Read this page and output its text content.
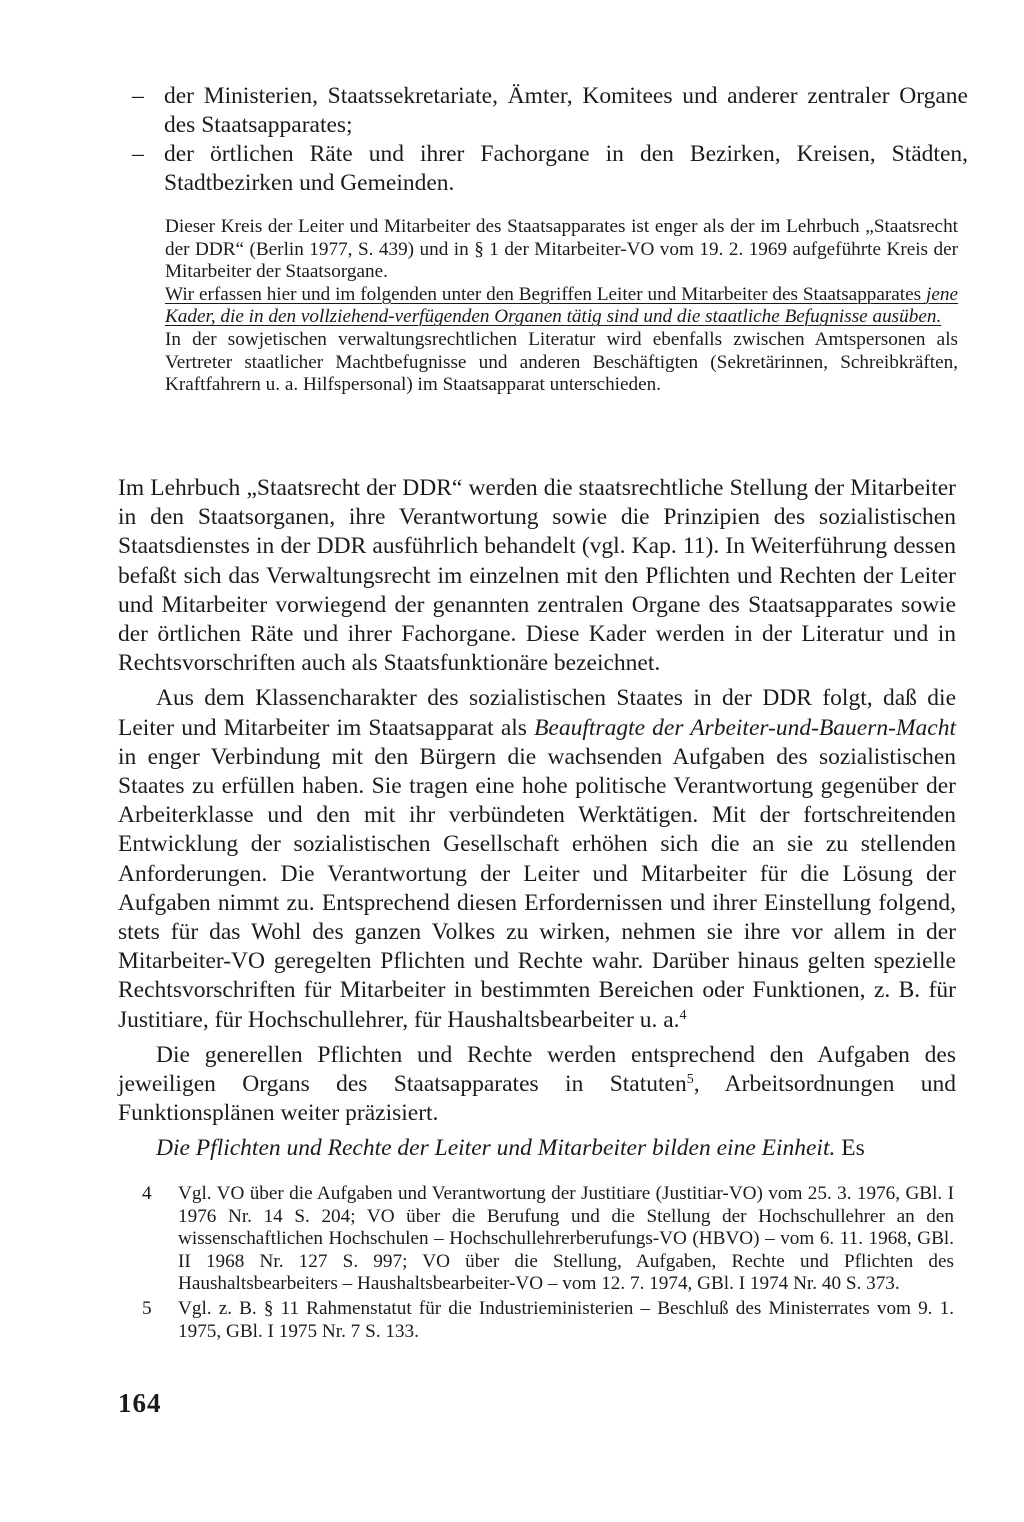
– der Ministerien, Staatssekretariate, Ämter, Komitees und anderer zentraler Organe des Staatsapparates;
– der örtlichen Räte und ihrer Fachorgane in den Bezirken, Kreisen, Städten, Stadtbezirken und Gemeinden.

Dieser Kreis der Leiter und Mitarbeiter des Staatsapparates ist enger als der im Lehrbuch „Staatsrecht der DDR“ (Berlin 1977, S. 439) und in § 1 der Mitarbeiter-VO vom 19. 2. 1969 aufgeführte Kreis der Mitarbeiter der Staatsorgane.

Wir erfassen hier und im folgenden unter den Begriffen Leiter und Mitarbeiter des Staatsapparates jene Kader, die in den vollziehend-verfügenden Organen tätig sind und die staatliche Befugnisse ausüben.

In der sowjetischen verwaltungsrechtlichen Literatur wird ebenfalls zwischen Amtspersonen als Vertreter staatlicher Machtbefugnisse und anderen Beschäftigten (Sekretärinnen, Schreibkräften, Kraftfahrern u. a. Hilfspersonal) im Staatsapparat unterschieden.

Im Lehrbuch „Staatsrecht der DDR“ werden die staatsrechtliche Stellung der Mitarbeiter in den Staatsorganen, ihre Verantwortung sowie die Prinzipien des sozialistischen Staatsdienstes in der DDR ausführlich behandelt (vgl. Kap. 11). In Weiterführung dessen befaßt sich das Verwaltungsrecht im einzelnen mit den Pflichten und Rechten der Leiter und Mitarbeiter vorwiegend der genannten zentralen Organe des Staatsapparates sowie der örtlichen Räte und ihrer Fachorgane. Diese Kader werden in der Literatur und in Rechtsvorschriften auch als Staatsfunktionäre bezeichnet.

Aus dem Klassencharakter des sozialistischen Staates in der DDR folgt, daß die Leiter und Mitarbeiter im Staatsapparat als Beauftragte der Arbeiter-und-Bauern-Macht in enger Verbindung mit den Bürgern die wachsenden Aufgaben des sozialistischen Staates zu erfüllen haben. Sie tragen eine hohe politische Verantwortung gegenüber der Arbeiterklasse und den mit ihr verbündeten Werktätigen. Mit der fortschreitenden Entwicklung der sozialistischen Gesellschaft erhöhen sich die an sie zu stellenden Anforderungen. Die Verantwortung der Leiter und Mitarbeiter für die Lösung der Aufgaben nimmt zu. Entsprechend diesen Erfordernissen und ihrer Einstellung folgend, stets für das Wohl des ganzen Volkes zu wirken, nehmen sie ihre vor allem in der Mitarbeiter-VO geregelten Pflichten und Rechte wahr. Darüber hinaus gelten spezielle Rechtsvorschriften für Mitarbeiter in bestimmten Bereichen oder Funktionen, z. B. für Justitiare, für Hochschullehrer, für Haushaltsbearbeiter u. a.$^4$

Die generellen Pflichten und Rechte werden entsprechend den Aufgaben des jeweiligen Organs des Staatsapparates in Statuten$^5$, Arbeitsordnungen und Funktionsplänen weiter präzisiert.

Die Pflichten und Rechte der Leiter und Mitarbeiter bilden eine Einheit. Es

4 Vgl. VO über die Aufgaben und Verantwortung der Justitiare (Justitiar-VO) vom 25. 3. 1976, GBl. I 1976 Nr. 14 S. 204; VO über die Berufung und die Stellung der Hochschullehrer an den wissenschaftlichen Hochschulen – Hochschullehrerberufungs-VO (HBVO) – vom 6. 11. 1968, GBl. II 1968 Nr. 127 S. 997; VO über die Stellung, Aufgaben, Rechte und Pflichten des Haushaltsbearbeiters – Haushaltsbearbeiter-VO – vom 12. 7. 1974, GBl. I 1974 Nr. 40 S. 373.
5 Vgl. z. B. § 11 Rahmenstatut für die Industrieministerien – Beschluß des Ministerrates vom 9. 1. 1975, GBl. I 1975 Nr. 7 S. 133.
164
